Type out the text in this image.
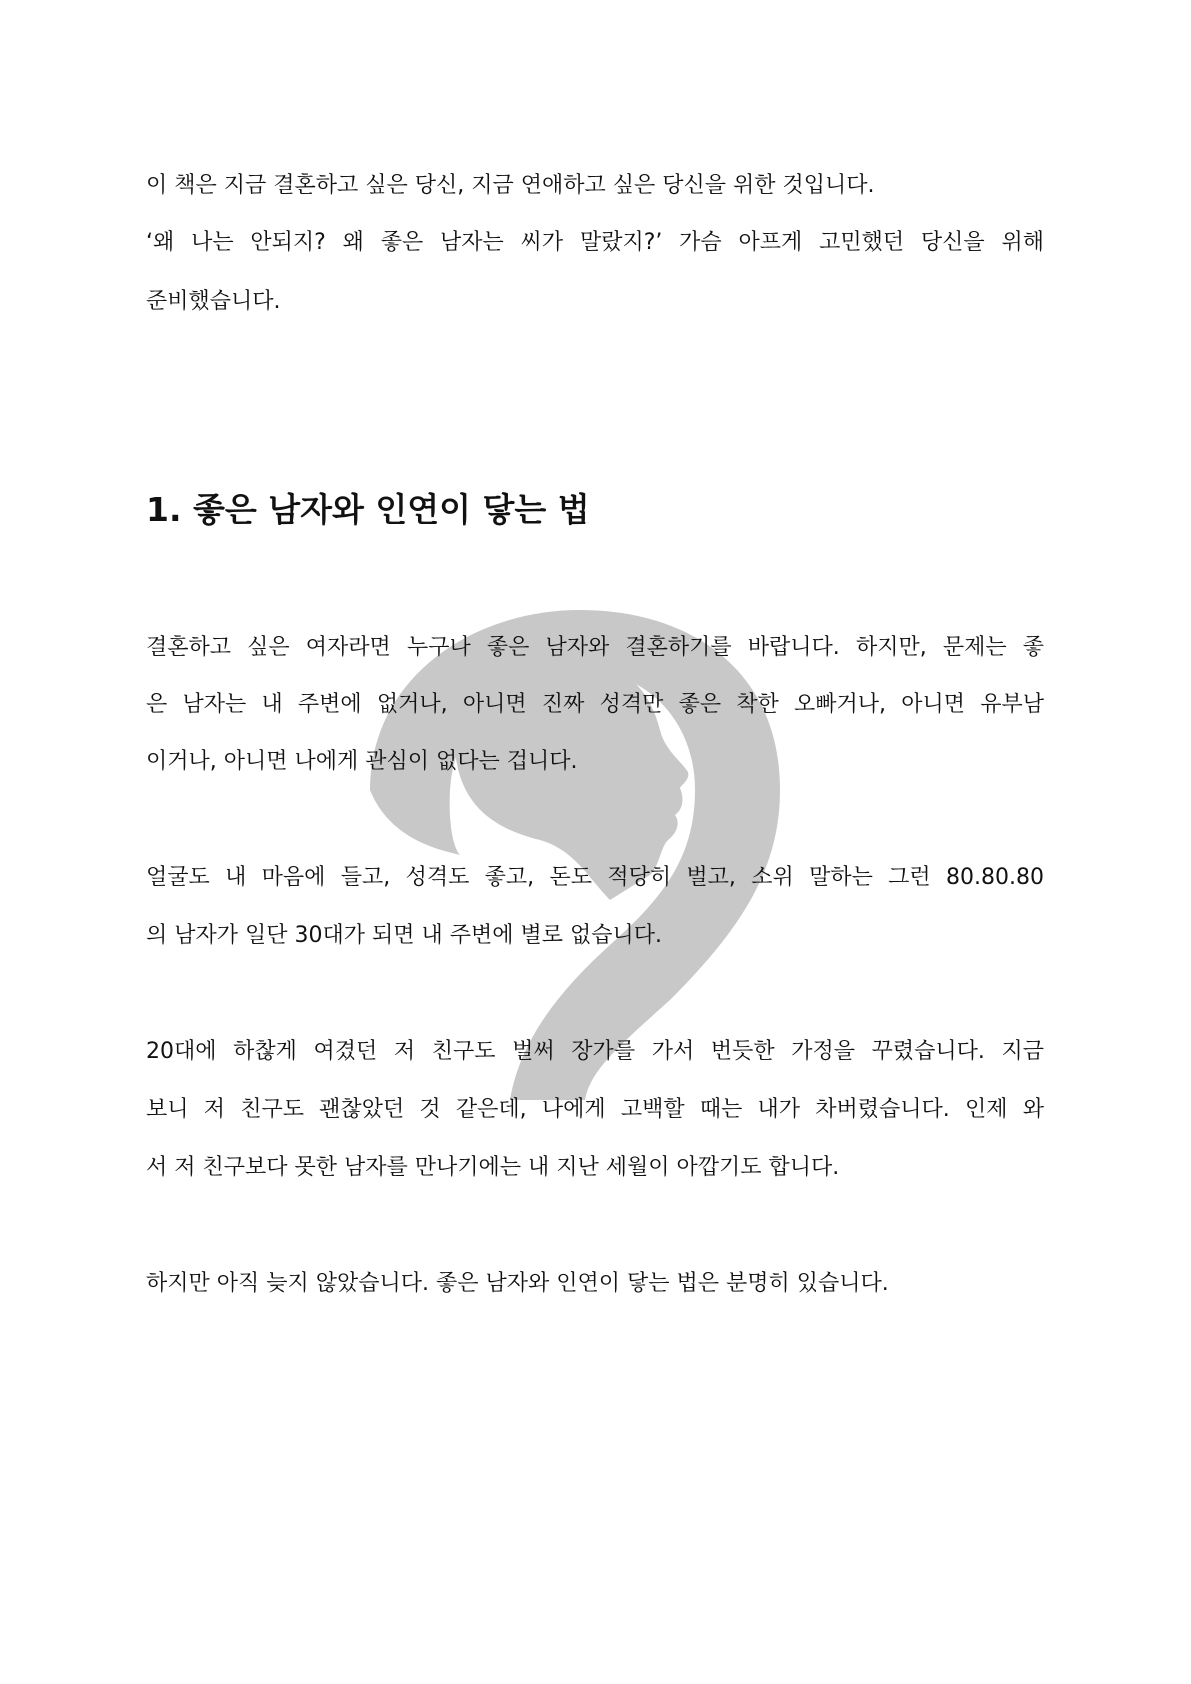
이 책은 지금 결혼하고 싶은 당신, 지금 연애하고 싶은 당신을 위한 것입니다.
‘왜 나는 안되지? 왜 좋은 남자는 씨가 말랐지?’ 가슴 아프게 고민했던 당신을 위해
준비했습니다.
1. 좋은 남자와 인연이 닿는 법
결혼하고 싶은 여자라면 누구나 좋은 남자와 결혼하기를 바랍니다. 하지만, 문제는 좋
은 남자는 내 주변에 없거나, 아니면 진짜 성격만 좋은 착한 오빠거나, 아니면 유부남
이거나, 아니면 나에게 관심이 없다는 겁니다.
얼굴도 내 마음에 들고, 성격도 좋고, 돈도 적당히 벌고, 소위 말하는 그런 80.80.80
의 남자가 일단 30대가 되면 내 주변에 별로 없습니다.
20대에 하찮게 여겼던 저 친구도 벌써 장가를 가서 번듯한 가정을 꾸렸습니다. 지금
보니 저 친구도 괜찮았던 것 같은데, 나에게 고백할 때는 내가 차버렸습니다. 인제 와
서 저 친구보다 못한 남자를 만나기에는 내 지난 세월이 아깝기도 합니다.
하지만 아직 늦지 않았습니다. 좋은 남자와 인연이 닿는 법은 분명히 있습니다.
